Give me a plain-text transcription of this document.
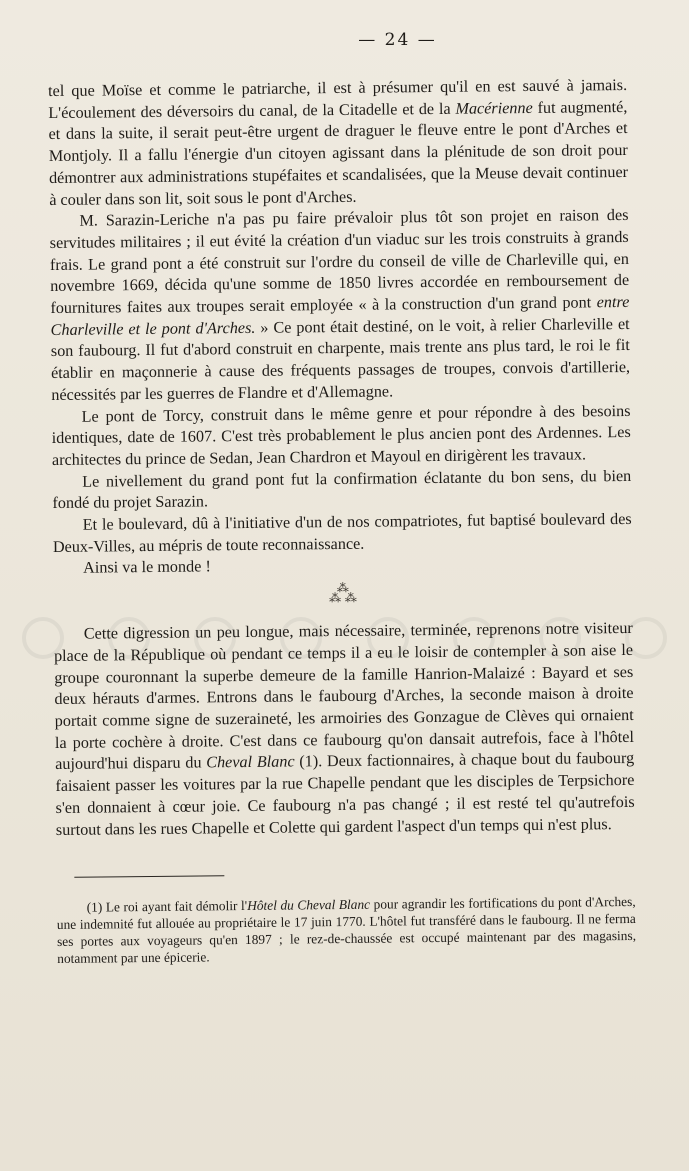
— 24 —

tel que Moïse et comme le patriarche, il est à présumer qu'il en est sauvé à jamais. L'écoulement des déversoirs du canal, de la Citadelle et de la Macérienne fut augmenté, et dans la suite, il serait peut-être urgent de draguer le fleuve entre le pont d'Arches et Montjoly. Il a fallu l'énergie d'un citoyen agissant dans la plénitude de son droit pour démontrer aux administrations stupéfaites et scandalisées, que la Meuse devait continuer à couler dans son lit, soit sous le pont d'Arches.

M. Sarazin-Leriche n'a pas pu faire prévaloir plus tôt son projet en raison des servitudes militaires ; il eut évité la création d'un viaduc sur les trois construits à grands frais. Le grand pont a été construit sur l'ordre du conseil de ville de Charleville qui, en novembre 1669, décida qu'une somme de 1850 livres accordée en remboursement de fournitures faites aux troupes serait employée « à la construction d'un grand pont entre Charleville et le pont d'Arches. » Ce pont était destiné, on le voit, à relier Charleville et son faubourg. Il fut d'abord construit en charpente, mais trente ans plus tard, le roi le fit établir en maçonnerie à cause des fréquents passages de troupes, convois d'artillerie, nécessités par les guerres de Flandre et d'Allemagne.

Le pont de Torcy, construit dans le même genre et pour répondre à des besoins identiques, date de 1607. C'est très probablement le plus ancien pont des Ardennes. Les architectes du prince de Sedan, Jean Chardron et Mayoul en dirigèrent les travaux.

Le nivellement du grand pont fut la confirmation éclatante du bon sens, du bien fondé du projet Sarazin.

Et le boulevard, dû à l'initiative d'un de nos compatriotes, fut baptisé boulevard des Deux-Villes, au mépris de toute reconnaissance.

Ainsi va le monde !

⁂
⁂ ⁂

Cette digression un peu longue, mais nécessaire, terminée, reprenons notre visiteur place de la République où pendant ce temps il a eu le loisir de contempler à son aise le groupe couronnant la superbe demeure de la famille Hanrion-Malaizé : Bayard et ses deux hérauts d'armes. Entrons dans le faubourg d'Arches, la seconde maison à droite portait comme signe de suzeraineté, les armoiries des Gonzague de Clèves qui ornaient la porte cochère à droite. C'est dans ce faubourg qu'on dansait autrefois, face à l'hôtel aujourd'hui disparu du Cheval Blanc (1). Deux factionnaires, à chaque bout du faubourg faisaient passer les voitures par la rue Chapelle pendant que les disciples de Terpsichore s'en donnaient à cœur joie. Ce faubourg n'a pas changé ; il est resté tel qu'autrefois surtout dans les rues Chapelle et Colette qui gardent l'aspect d'un temps qui n'est plus.

(1) Le roi ayant fait démolir l'Hôtel du Cheval Blanc pour agrandir les fortifications du pont d'Arches, une indemnité fut allouée au propriétaire le 17 juin 1770. L'hôtel fut transféré dans le faubourg. Il ne ferma ses portes aux voyageurs qu'en 1897 ; le rez-de-chaussée est occupé maintenant par des magasins, notamment par une épicerie.
